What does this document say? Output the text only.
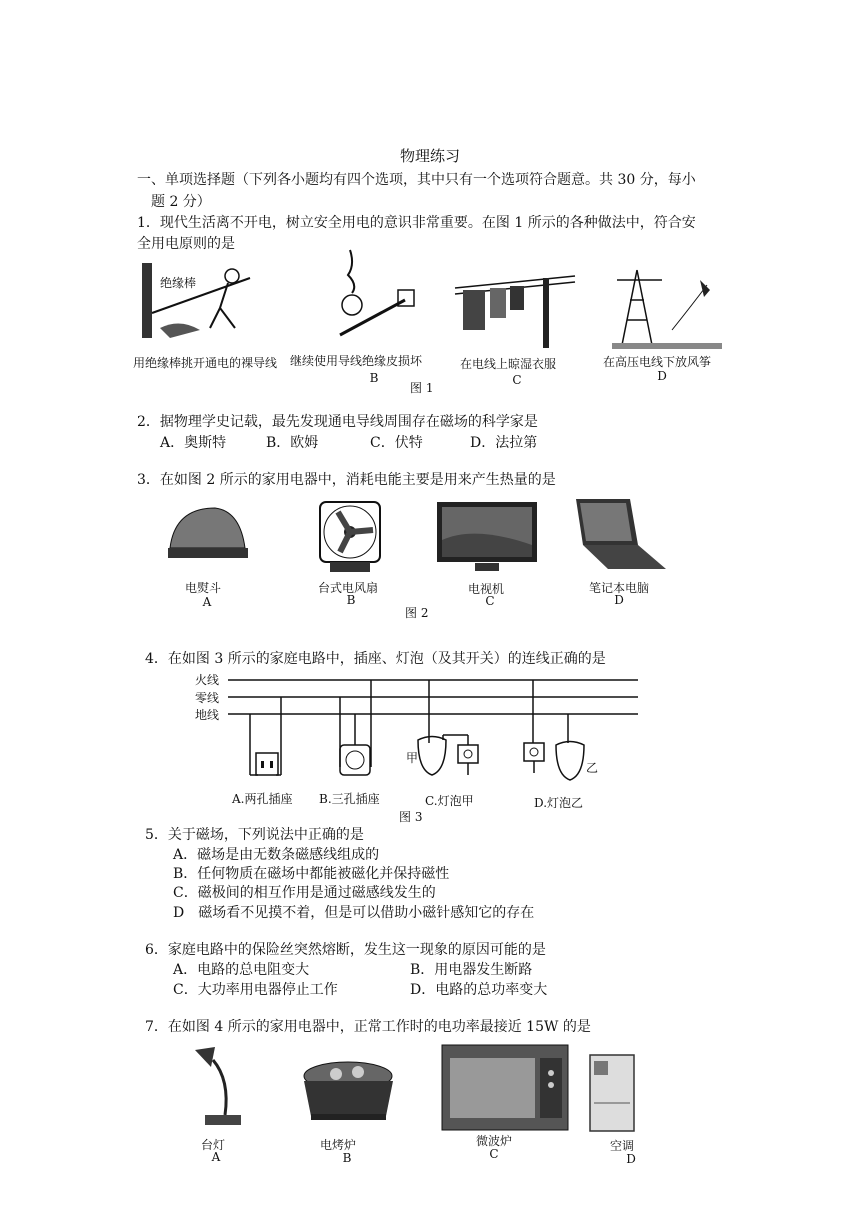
物理练习
一、单项选择题（下列各小题均有四个选项，其中只有一个选项符合题意。共 30 分，每小
题 2 分）
1．现代生活离不开电，树立安全用电的意识非常重要。在图 1 所示的各种做法中，符合安
全用电原则的是
绝缘棒
用绝缘棒挑开通电的裸导线 继续使用导线绝缘皮损坏	在电线上晾湿衣服	在高压电线下放风筝
B
图 1
C	D
2．据物理学史记载，最先发现通电导线周围存在磁场的科学家是
A．奥斯特	B．欧姆	C．伏特	D．法拉第
3．在如图 2 所示的家用电器中，消耗电能主要是用来产生热量的是
电熨斗	台式电风扇	电视机	笔记本电脑
A	B	C	D
图 2
4．在如图 3 所示的家庭电路中，插座、灯泡（及其开关）的连线正确的是
火线
零线
地线
甲
乙
A.两孔插座 B.三孔插座	C.灯泡甲	D.灯泡乙
图 3
5．关于磁场，下列说法中正确的是
A．磁场是由无数条磁感线组成的
B．任何物质在磁场中都能被磁化并保持磁性
C．磁极间的相互作用是通过磁感线发生的
D　磁场看不见摸不着，但是可以借助小磁针感知它的存在
6．家庭电路中的保险丝突然熔断，发生这一现象的原因可能的是
A．电路的总电阻变大	B．用电器发生断路
C．大功率用电器停止工作	D．电路的总功率变大
7．在如图 4 所示的家用电器中，正常工作时的电功率最接近 15W 的是
台灯	电烤炉	微波炉	空调
A	B	C	D
